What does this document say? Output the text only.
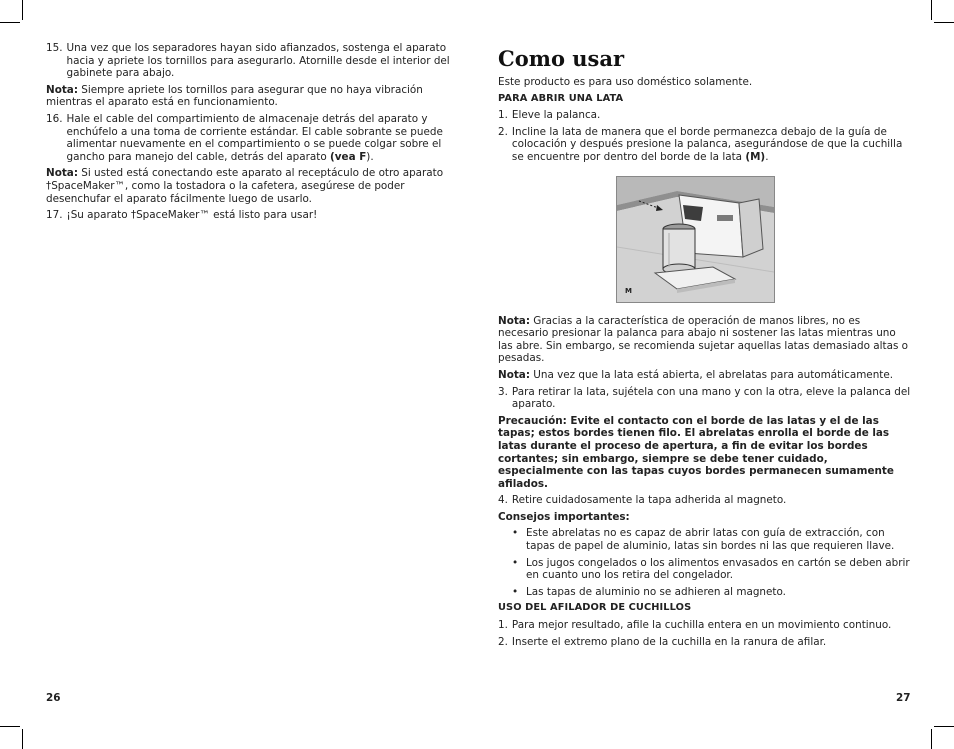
15. Una vez que los separadores hayan sido afianzados, sostenga el aparato hacia y apriete los tornillos para asegurarlo. Atornille desde el interior del gabinete para abajo.

Nota: Siempre apriete los tornillos para asegurar que no haya vibración mientras el aparato está en funcionamiento.

16. Hale el cable del compartimiento de almacenaje detrás del aparato y enchúfelo a una toma de corriente estándar. El cable sobrante se puede alimentar nuevamente en el compartimiento o se puede colgar sobre el gancho para manejo del cable, detrás del aparato (vea F).

Nota: Si usted está conectando este aparato al receptáculo de otro aparato †SpaceMaker™, como la tostadora o la cafetera, asegúrese de poder desenchufar el aparato fácilmente luego de usarlo.

17. ¡Su aparato †SpaceMaker™ está listo para usar!
26
Como usar

Este producto es para uso doméstico solamente.

PARA ABRIR UNA LATA
1. Eleve la palanca.
2. Incline la lata de manera que el borde permanezca debajo de la guía de colocación y después presione la palanca, asegurándose de que la cuchilla se encuentre por dentro del borde de la lata (M).
M

Nota: Gracias a la característica de operación de manos libres, no es necesario presionar la palanca para abajo ni sostener las latas mientras uno las abre. Sin embargo, se recomienda sujetar aquellas latas demasiado altas o pesadas.

Nota: Una vez que la lata está abierta, el abrelatas para automáticamente.

3. Para retirar la lata, sujétela con una mano y con la otra, eleve la palanca del aparato.

Precaución: Evite el contacto con el borde de las latas y el de las tapas; estos bordes tienen filo. El abrelatas enrolla el borde de las latas durante el proceso de apertura, a fin de evitar los bordes cortantes; sin embargo, siempre se debe tener cuidado, especialmente con las tapas cuyos bordes permanecen sumamente afilados.

4. Retire cuidadosamente la tapa adherida al magneto.

Consejos importantes:

• Este abrelatas no es capaz de abrir latas con guía de extracción, con tapas de papel de aluminio, latas sin bordes ni las que requieren llave.
• Los jugos congelados o los alimentos envasados en cartón se deben abrir en cuanto uno los retira del congelador.
• Las tapas de aluminio no se adhieren al magneto.
USO DEL AFILADOR DE CUCHILLOS
1. Para mejor resultado, afile la cuchilla entera en un movimiento continuo.
2. Inserte el extremo plano de la cuchilla en la ranura de afilar.
27
